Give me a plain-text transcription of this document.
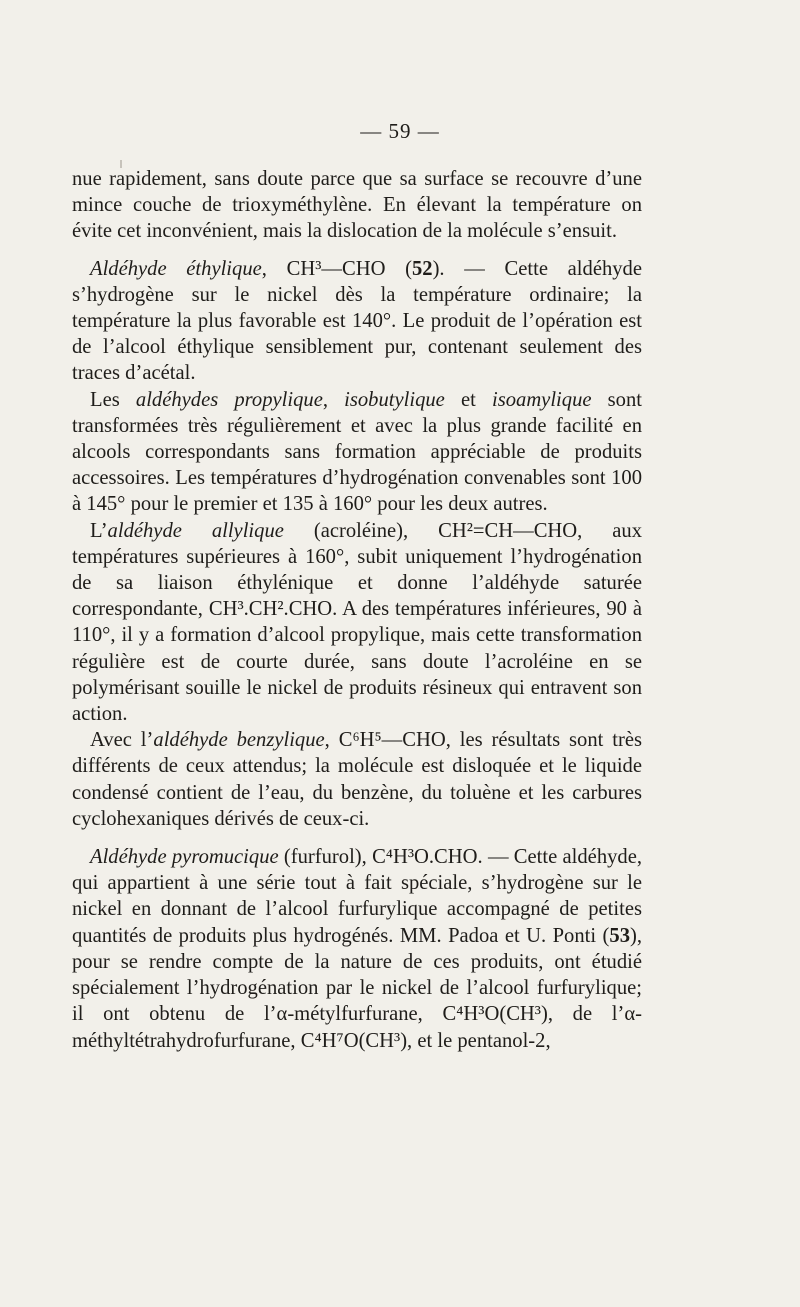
— 59 —

nue rapidement, sans doute parce que sa surface se recouvre d’une mince couche de trioxyméthylène. En élevant la température on évite cet inconvénient, mais la dislocation de la molécule s’ensuit.

Aldéhyde éthylique, CH³—CHO (52). — Cette aldéhyde s’hydrogène sur le nickel dès la température ordinaire; la température la plus favorable est 140°. Le produit de l’opération est de l’alcool éthylique sensiblement pur, contenant seulement des traces d’acétal.

Les aldéhydes propylique, isobutylique et isoamylique sont transformées très régulièrement et avec la plus grande facilité en alcools correspondants sans formation appréciable de produits accessoires. Les températures d’hydrogénation convenables sont 100 à 145° pour le premier et 135 à 160° pour les deux autres.

L’aldéhyde allylique (acroléine), CH²=CH—CHO, aux températures supérieures à 160°, subit uniquement l’hydrogénation de sa liaison éthylénique et donne l’aldéhyde saturée correspondante, CH³.CH².CHO. A des températures inférieures, 90 à 110°, il y a formation d’alcool propylique, mais cette transformation régulière est de courte durée, sans doute l’acroléine en se polymérisant souille le nickel de produits résineux qui entravent son action.

Avec l’aldéhyde benzylique, C⁶H⁵—CHO, les résultats sont très différents de ceux attendus; la molécule est disloquée et le liquide condensé contient de l’eau, du benzène, du toluène et les carbures cyclohexaniques dérivés de ceux-ci.

Aldéhyde pyromucique (furfurol), C⁴H³O.CHO. — Cette aldéhyde, qui appartient à une série tout à fait spéciale, s’hydrogène sur le nickel en donnant de l’alcool furfurylique accompagné de petites quantités de produits plus hydrogénés. MM. Padoa et U. Ponti (53), pour se rendre compte de la nature de ces produits, ont étudié spécialement l’hydrogénation par le nickel de l’alcool furfurylique; il ont obtenu de l’α-métylfurfurane, C⁴H³O(CH³), de l’α-méthyltétrahydrofurfurane, C⁴H⁷O(CH³), et le pentanol-2,
